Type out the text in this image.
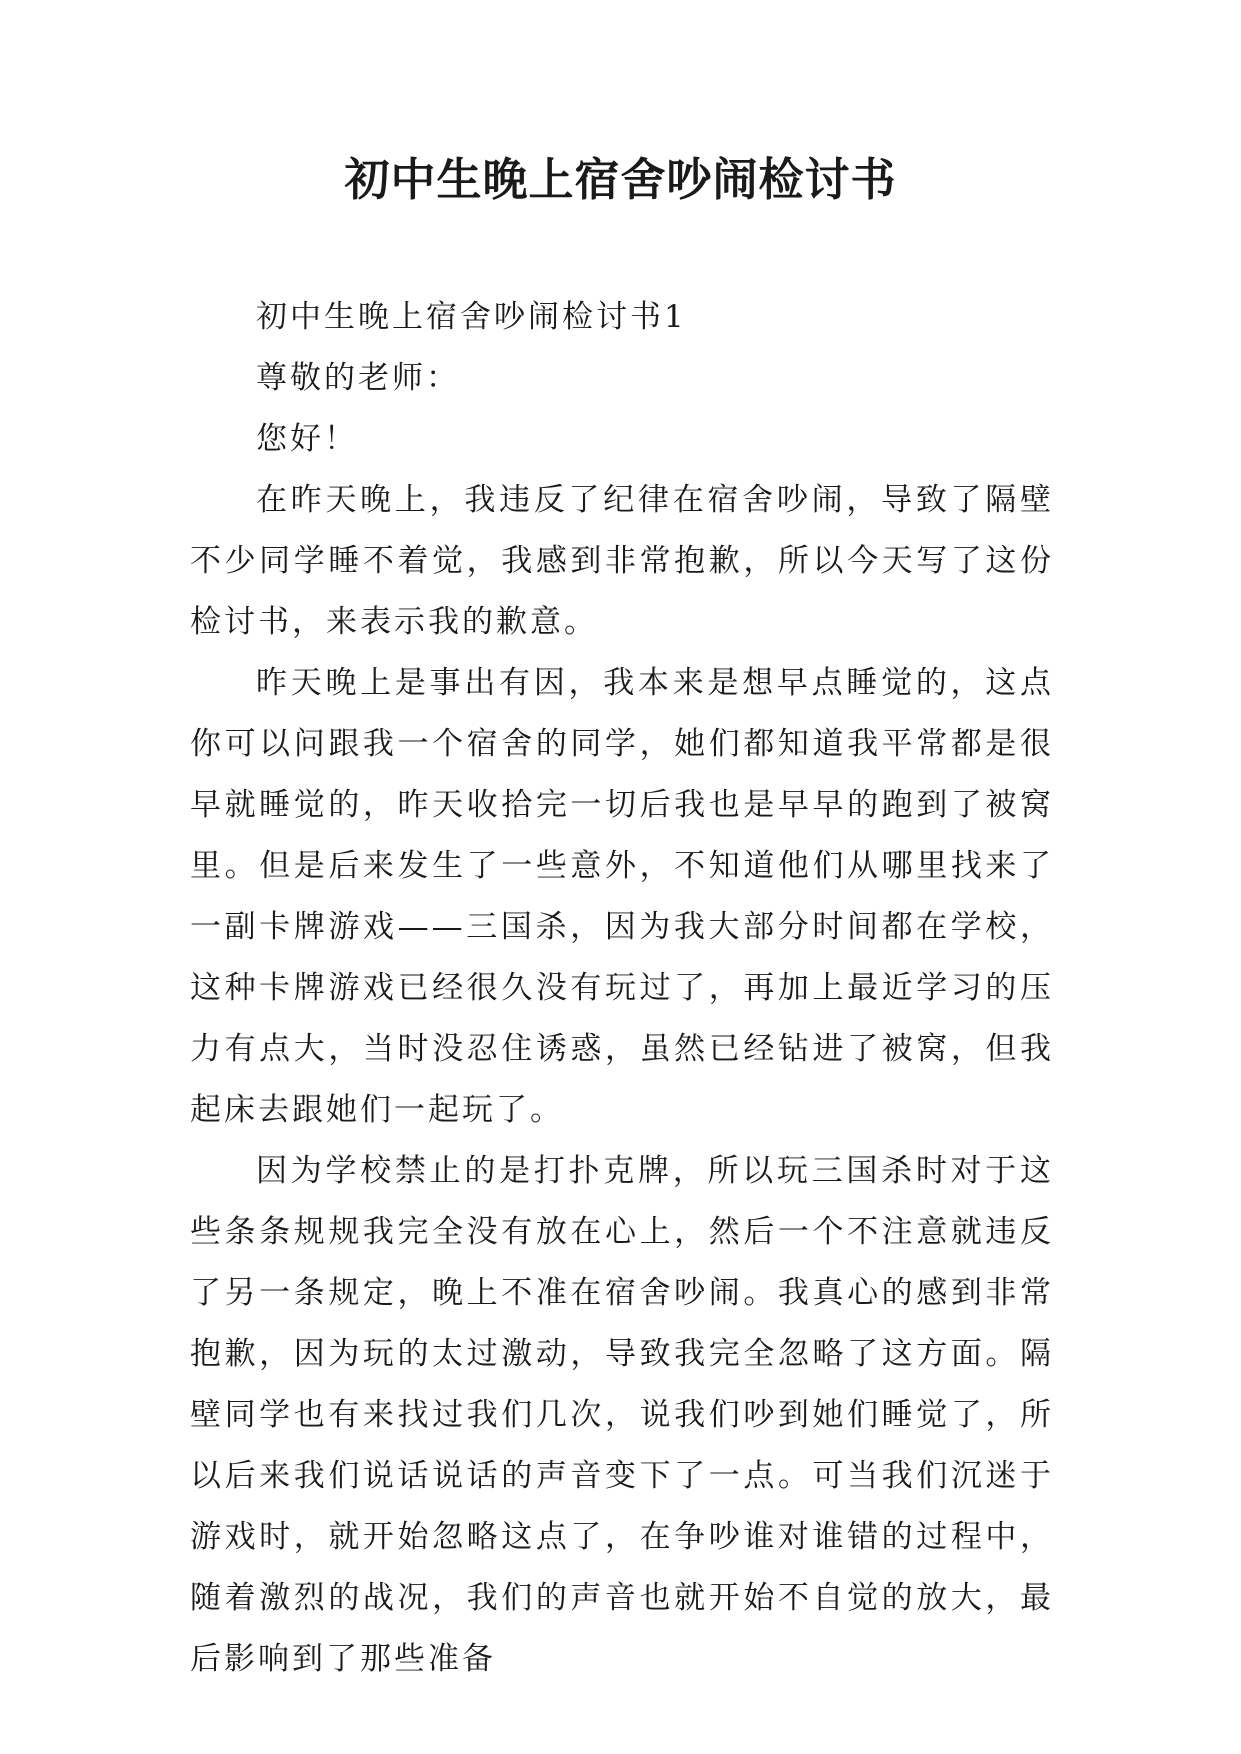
初中生晚上宿舍吵闹检讨书

初中生晚上宿舍吵闹检讨书1

尊敬的老师：

您好！

在昨天晚上，我违反了纪律在宿舍吵闹，导致了隔壁不少同学睡不着觉，我感到非常抱歉，所以今天写了这份检讨书，来表示我的歉意。

昨天晚上是事出有因，我本来是想早点睡觉的，这点你可以问跟我一个宿舍的同学，她们都知道我平常都是很早就睡觉的，昨天收拾完一切后我也是早早的跑到了被窝里。但是后来发生了一些意外，不知道他们从哪里找来了一副卡牌游戏——三国杀，因为我大部分时间都在学校，这种卡牌游戏已经很久没有玩过了，再加上最近学习的压力有点大，当时没忍住诱惑，虽然已经钻进了被窝，但我起床去跟她们一起玩了。

因为学校禁止的是打扑克牌，所以玩三国杀时对于这些条条规规我完全没有放在心上，然后一个不注意就违反了另一条规定，晚上不准在宿舍吵闹。我真心的感到非常抱歉，因为玩的太过激动，导致我完全忽略了这方面。隔壁同学也有来找过我们几次，说我们吵到她们睡觉了，所以后来我们说话说话的声音变下了一点。可当我们沉迷于游戏时，就开始忽略这点了，在争吵谁对谁错的过程中，随着激烈的战况，我们的声音也就开始不自觉的放大，最后影响到了那些准备
